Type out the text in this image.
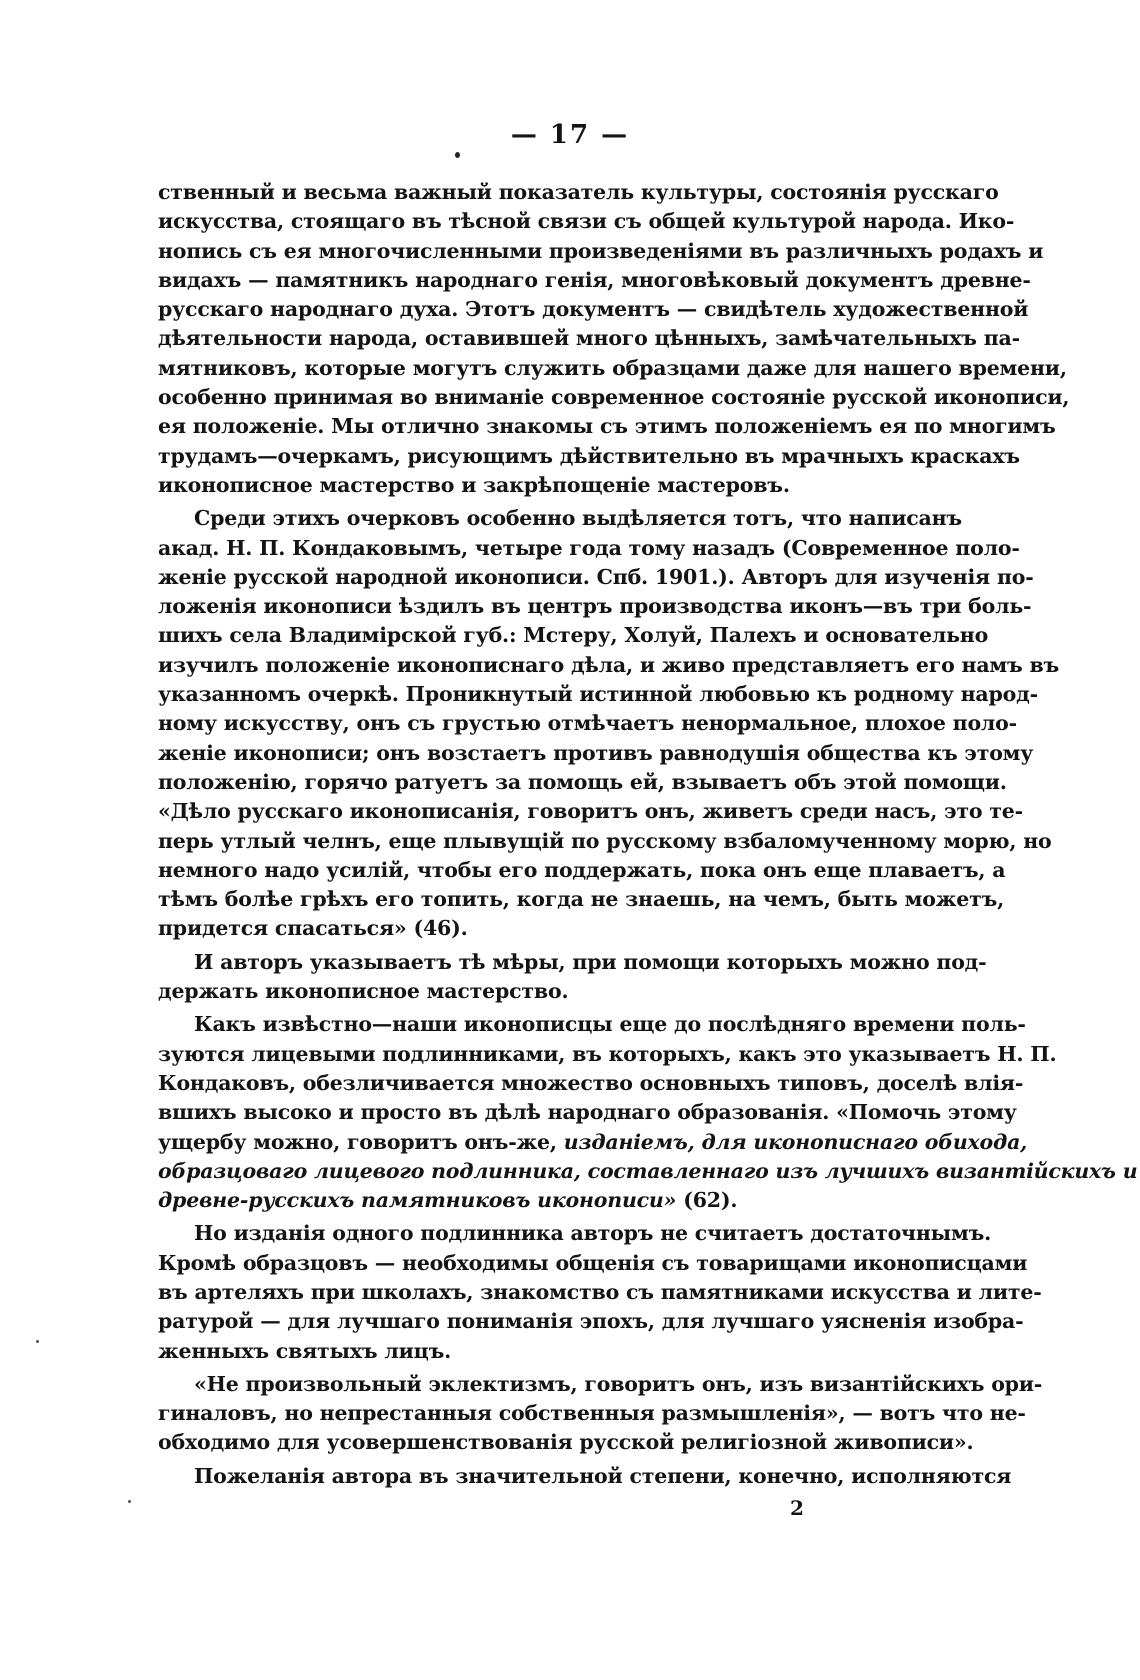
— 17 —
ственный и весьма важный показатель культуры, состоянія русскаго
искусства, стоящаго въ тѣсной связи съ общей культурой народа. Ико-
нопись съ ея многочисленными произведеніями въ различныхъ родахъ и
видахъ — памятникъ народнаго генія, многовѣковый документъ древне-
русскаго народнаго духа. Этотъ документъ — свидѣтель художественной
дѣятельности народа, оставившей много цѣнныхъ, замѣчательныхъ па-
мятниковъ, которые могутъ служить образцами даже для нашего времени,
особенно принимая во вниманіе современное состояніе русской иконописи,
ея положеніе. Мы отлично знакомы съ этимъ положеніемъ ея по многимъ
трудамъ—очеркамъ, рисующимъ дѣйствительно въ мрачныхъ краскахъ
иконописное мастерство и закрѣпощеніе мастеровъ.
Среди этихъ очерковъ особенно выдѣляется тотъ, что написанъ
акад. Н. П. Кондаковымъ, четыре года тому назадъ (Современное поло-
женіе русской народной иконописи. Спб. 1901.). Авторъ для изученія по-
ложенія иконописи ѣздилъ въ центръ производства иконъ—въ три боль-
шихъ села Владимірской губ.: Мстеру, Холуй, Палехъ и основательно
изучилъ положеніе иконописнаго дѣла, и живо представляетъ его намъ въ
указанномъ очеркѣ. Проникнутый истинной любовью къ родному народ-
ному искусству, онъ съ грустью отмѣчаетъ ненормальное, плохое поло-
женіе иконописи; онъ возстаетъ противъ равнодушія общества къ этому
положенію, горячо ратуетъ за помощь ей, взываетъ объ этой помощи.
«Дѣло русскаго иконописанія, говоритъ онъ, живетъ среди насъ, это те-
перь утлый челнъ, еще плывущій по русскому взбаломученному морю, но
немного надо усилій, чтобы его поддержать, пока онъ еще плаваетъ, а
тѣмъ болѣе грѣхъ его топить, когда не знаешь, на чемъ, быть можетъ,
придется спасаться» (46).
И авторъ указываетъ тѣ мѣры, при помощи которыхъ можно под-
держать иконописное мастерство.
Какъ извѣстно—наши иконописцы еще до послѣдняго времени поль-
зуются лицевыми подлинниками, въ которыхъ, какъ это указываетъ Н. П.
Кондаковъ, обезличивается множество основныхъ типовъ, доселѣ влія-
вшихъ высоко и просто въ дѣлѣ народнаго образованія. «Помочь этому
ущербу можно, говоритъ онъ-же, изданіемъ, для иконописнаго обихода,
образцоваго лицевого подлинника, составленнаго изъ лучшихъ византійскихъ и
древне-русскихъ памятниковъ иконописи» (62).
Но изданія одного подлинника авторъ не считаетъ достаточнымъ.
Кромѣ образцовъ — необходимы общенія съ товарищами иконописцами
въ артеляхъ при школахъ, знакомство съ памятниками искусства и лите-
ратурой — для лучшаго пониманія эпохъ, для лучшаго уясненія изобра-
женныхъ святыхъ лицъ.
«Не произвольный эклектизмъ, говоритъ онъ, изъ византійскихъ ори-
гиналовъ, но непрестанныя собственныя размышленія», — вотъ что не-
обходимо для усовершенствованія русской религіозной живописи».
Пожеланія автора въ значительной степени, конечно, исполняются
2
